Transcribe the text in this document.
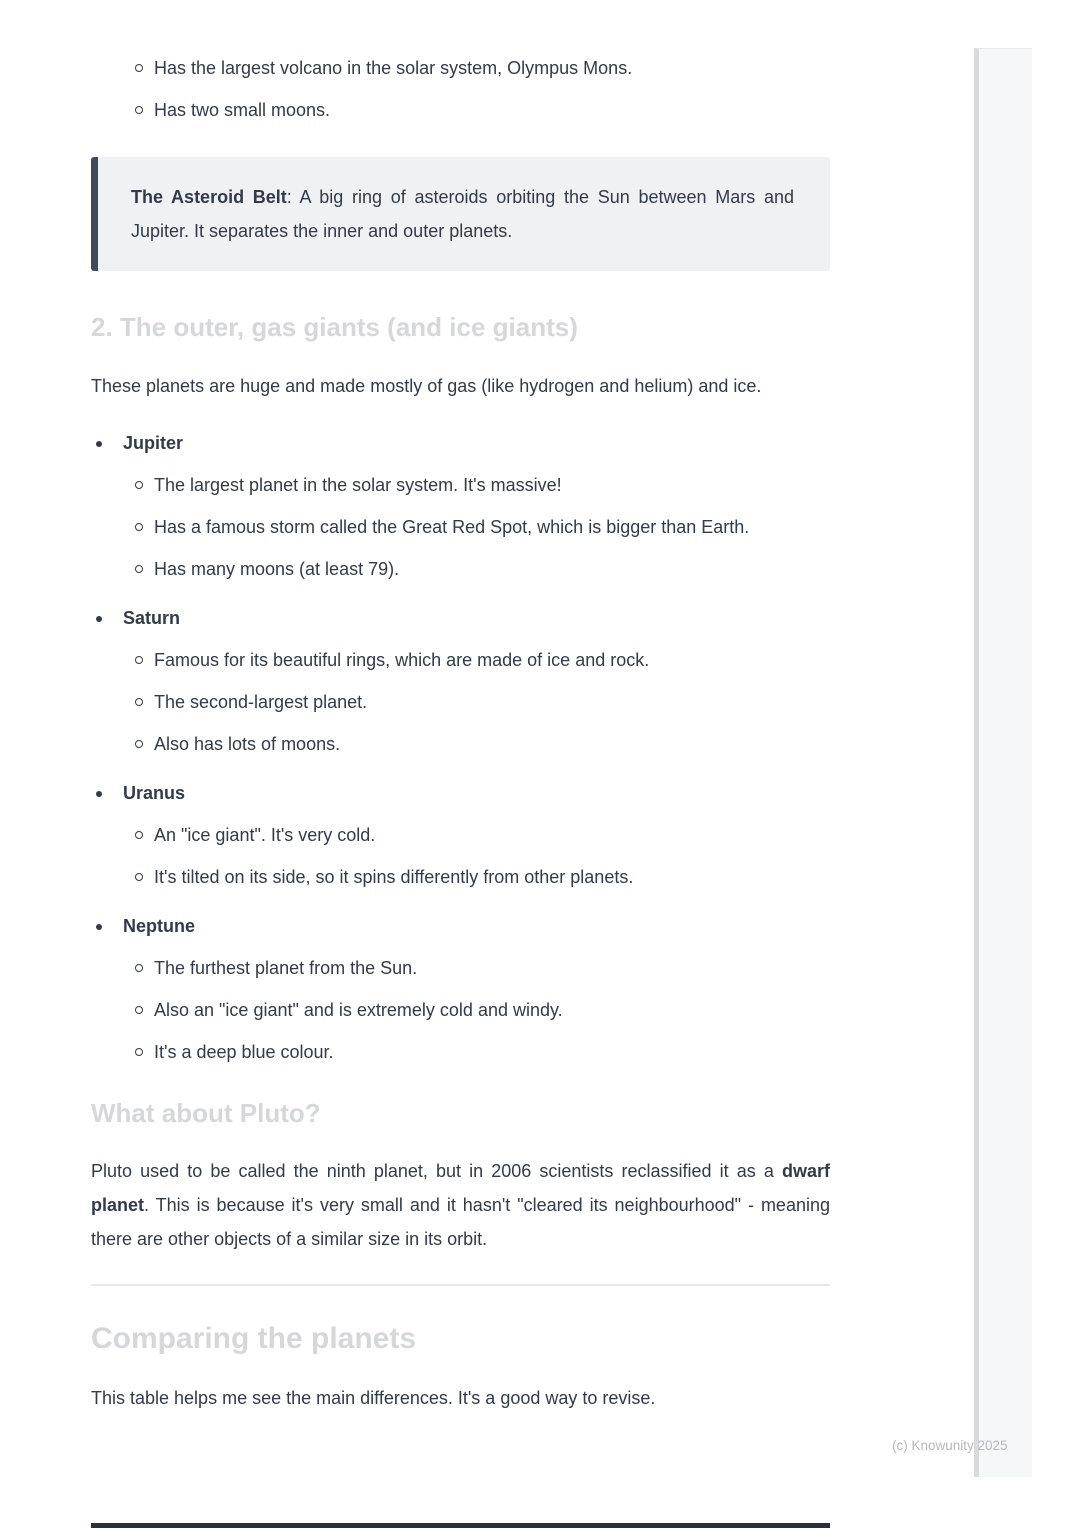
Has the largest volcano in the solar system, Olympus Mons.
Has two small moons.
The Asteroid Belt: A big ring of asteroids orbiting the Sun between Mars and Jupiter. It separates the inner and outer planets.
2. The outer, gas giants (and ice giants)
These planets are huge and made mostly of gas (like hydrogen and helium) and ice.
Jupiter
The largest planet in the solar system. It's massive!
Has a famous storm called the Great Red Spot, which is bigger than Earth.
Has many moons (at least 79).
Saturn
Famous for its beautiful rings, which are made of ice and rock.
The second-largest planet.
Also has lots of moons.
Uranus
An "ice giant". It's very cold.
It's tilted on its side, so it spins differently from other planets.
Neptune
The furthest planet from the Sun.
Also an "ice giant" and is extremely cold and windy.
It's a deep blue colour.
What about Pluto?
Pluto used to be called the ninth planet, but in 2006 scientists reclassified it as a dwarf planet. This is because it's very small and it hasn't "cleared its neighbourhood" - meaning there are other objects of a similar size in its orbit.
Comparing the planets
This table helps me see the main differences. It's a good way to revise.
(c) Knowunity 2025
